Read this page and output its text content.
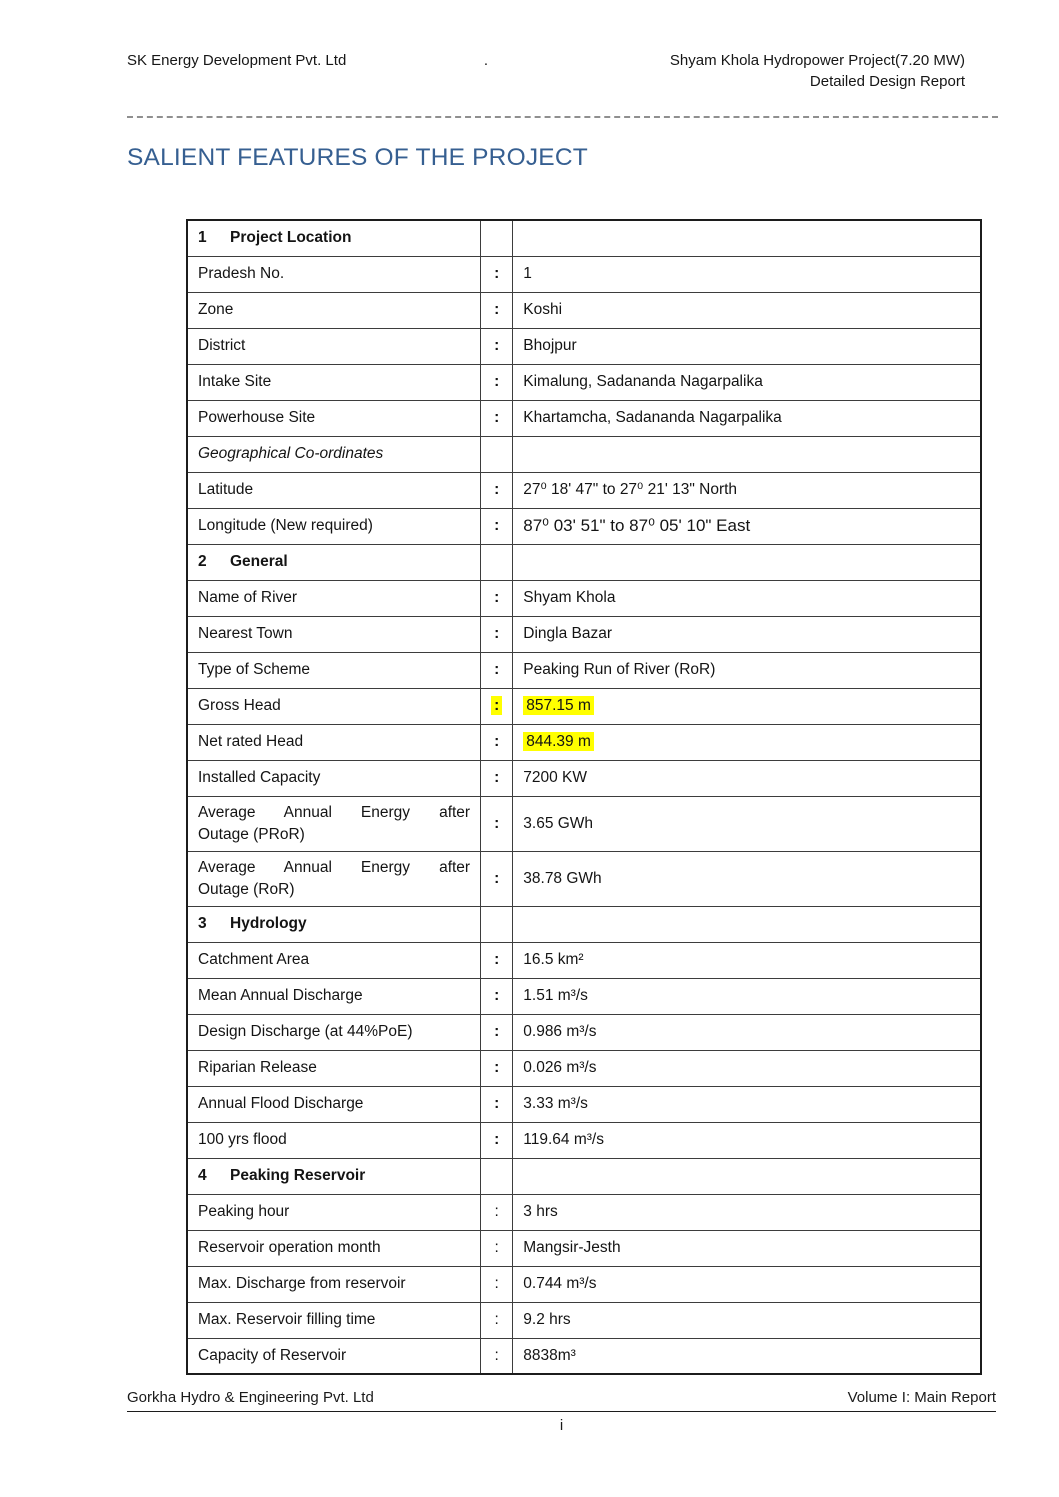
SK Energy Development Pvt. Ltd	.	Shyam Khola Hydropower Project(7.20 MW)
Detailed Design Report
SALIENT FEATURES OF THE PROJECT
1 Project Location		
Pradesh No.	:	1
Zone	:	Koshi
District	:	Bhojpur
Intake Site	:	Kimalung, Sadananda Nagarpalika
Powerhouse Site	:	Khartamcha, Sadananda Nagarpalika
Geographical Co-ordinates		
Latitude	:	27⁰ 18' 47" to 27⁰ 21' 13" North
Longitude (New required)	:	87⁰ 03' 51" to 87⁰ 05' 10" East
2 General		
Name of River	:	Shyam Khola
Nearest Town	:	Dingla Bazar
Type of Scheme	:	Peaking Run of River (RoR)
Gross Head	:	857.15 m
Net rated Head	:	844.39 m
Installed Capacity	:	7200 KW

Average Annual Energy after
Outage (PRoR)	:	3.65 GWh

Average Annual Energy after
Outage (RoR)	:	38.78 GWh
3 Hydrology		
Catchment Area	:	16.5 km²
Mean Annual Discharge	:	1.51 m³/s
Design Discharge (at 44%PoE)	:	0.986 m³/s
Riparian Release	:	0.026 m³/s
Annual Flood Discharge	:	3.33 m³/s
100 yrs flood	:	119.64 m³/s
4 Peaking Reservoir		
Peaking hour	:	3 hrs
Reservoir operation month	:	Mangsir-Jesth
Max. Discharge from reservoir	:	0.744 m³/s
Max. Reservoir filling time	:	9.2 hrs
Capacity of Reservoir	:	8838m³
Gorkha Hydro & Engineering Pvt. Ltd	Volume I: Main Report
i
